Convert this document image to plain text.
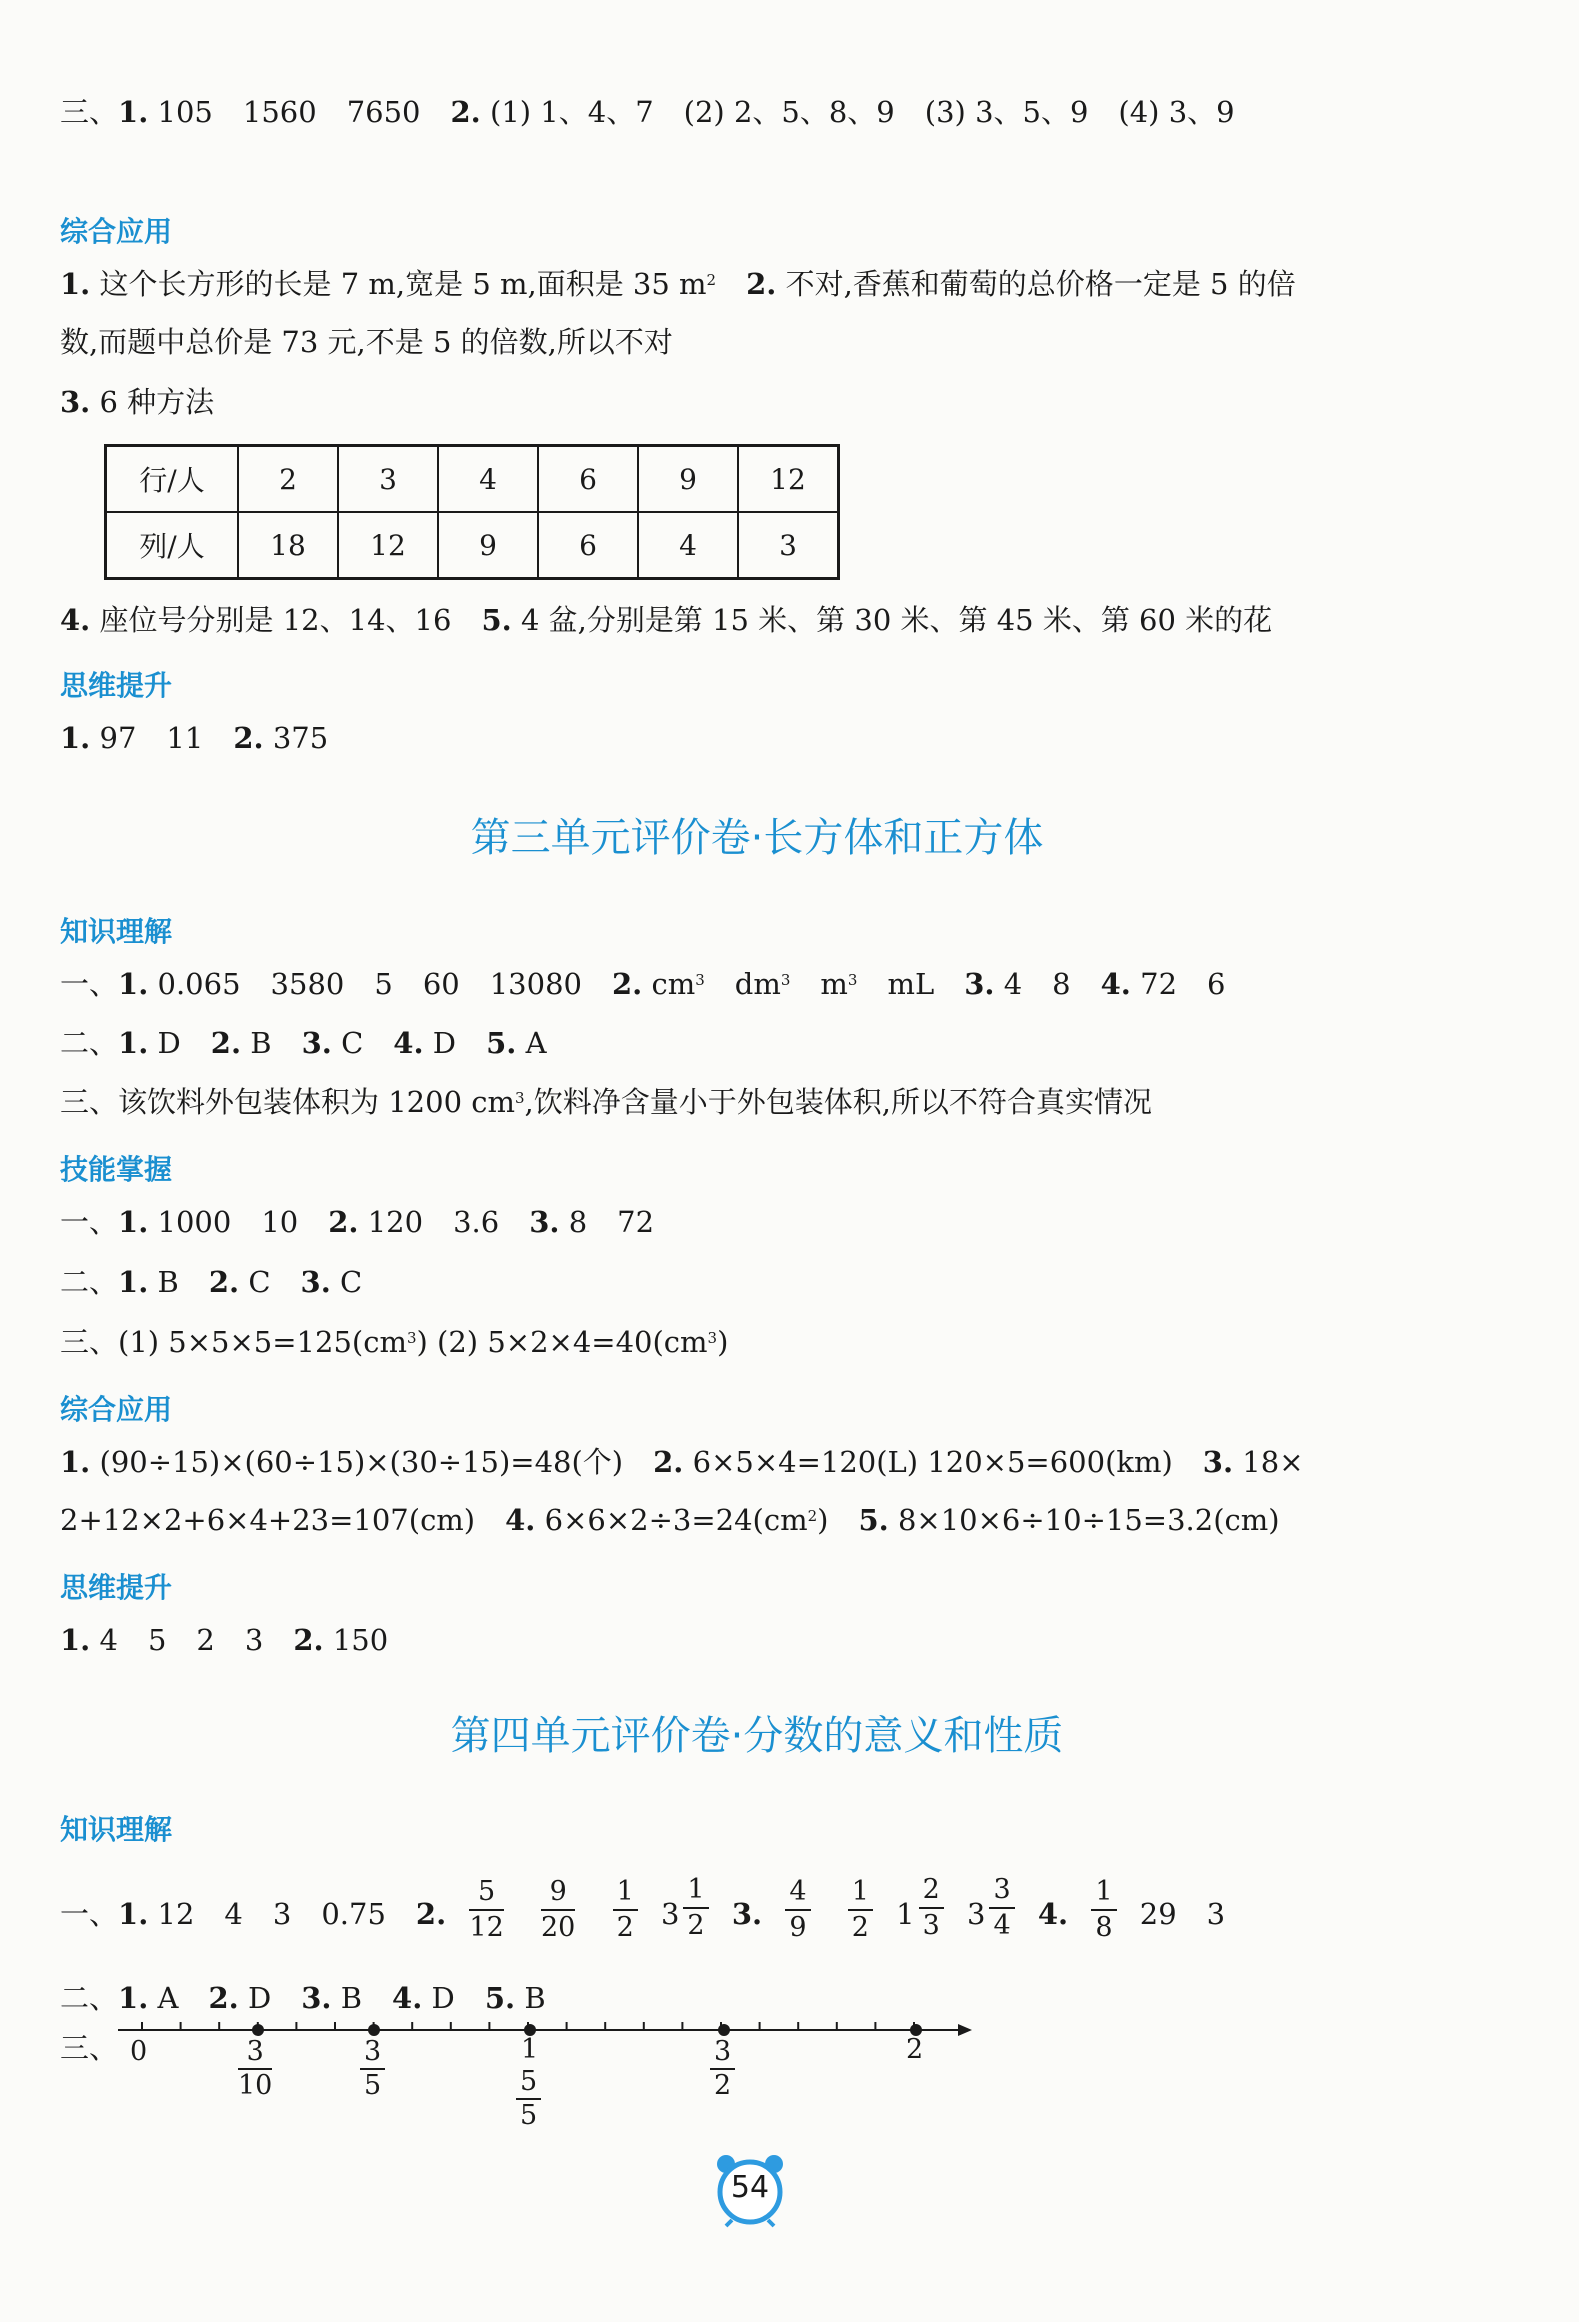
三、1. 105 1560 7650 2. (1) 1、4、7 (2) 2、5、8、9 (3) 3、5、9 (4) 3、9
综合应用
1. 这个长方形的长是 7 m,宽是 5 m,面积是 35 $m^2$ 2. 不对,香蕉和葡萄的总价格一定是 5 的倍
数,而题中总价是 73 元,不是 5 的倍数,所以不对
3. 6 种方法
行/人	2	3	4	6	9	12
列/人	18	12	9	6	4	3
4. 座位号分别是 12、14、16 5. 4 盆,分别是第 15 米、第 30 米、第 45 米、第 60 米的花
思维提升
1. 97 11 2. 375
第三单元评价卷·长方体和正方体
知识理解
一、1. 0.065 3580 5 60 13080 2. $cm^3$ $dm^3$ $m^3$ mL 3. 4 8 4. 72 6
二、1. D 2. B 3. C 4. D 5. A
三、该饮料外包装体积为 1200 $cm^3$,饮料净含量小于外包装体积,所以不符合真实情况
技能掌握
一、1. 1000 10 2. 120 3.6 3. 8 72
二、1. B 2. C 3. C
三、(1) $5\times 5\times 5=125(cm^3)$ (2) $5\times 2\times 4=40(cm^3)$
综合应用
1. (90÷15)×(60÷15)×(30÷15)=48(个) 2. 6×5×4=120(L) 120×5=600(km) 3. 18×
2+12×2+6×4+23=107(cm) 4. $6\times 6\times 2\div 3=24(cm^2)$ 5. 8×10×6÷10÷15=3.2(cm)
思维提升
1. 4 5 2 3 2. 150
第四单元评价卷·分数的意义和性质
知识理解
一、1. 12 4 3 0.75 2. $\frac{5}{12}$
$\frac{9}{20}$
$\frac{1}{2}$
$3 \frac{1}{2} 3$. $\frac{4}{9}$
$\frac{1}{2}$
$1 \frac{2}{3}$
$3 \frac{3}{4} 4$. $\frac{1}{8} 29$ 3
二、1. A 2. D 3. B 4. D 5. B
三、 0	$\frac{3}{10}$	$\frac{3}{5}$	1
$\frac{5}{5}$	$\frac{3}{2}$	2
54
